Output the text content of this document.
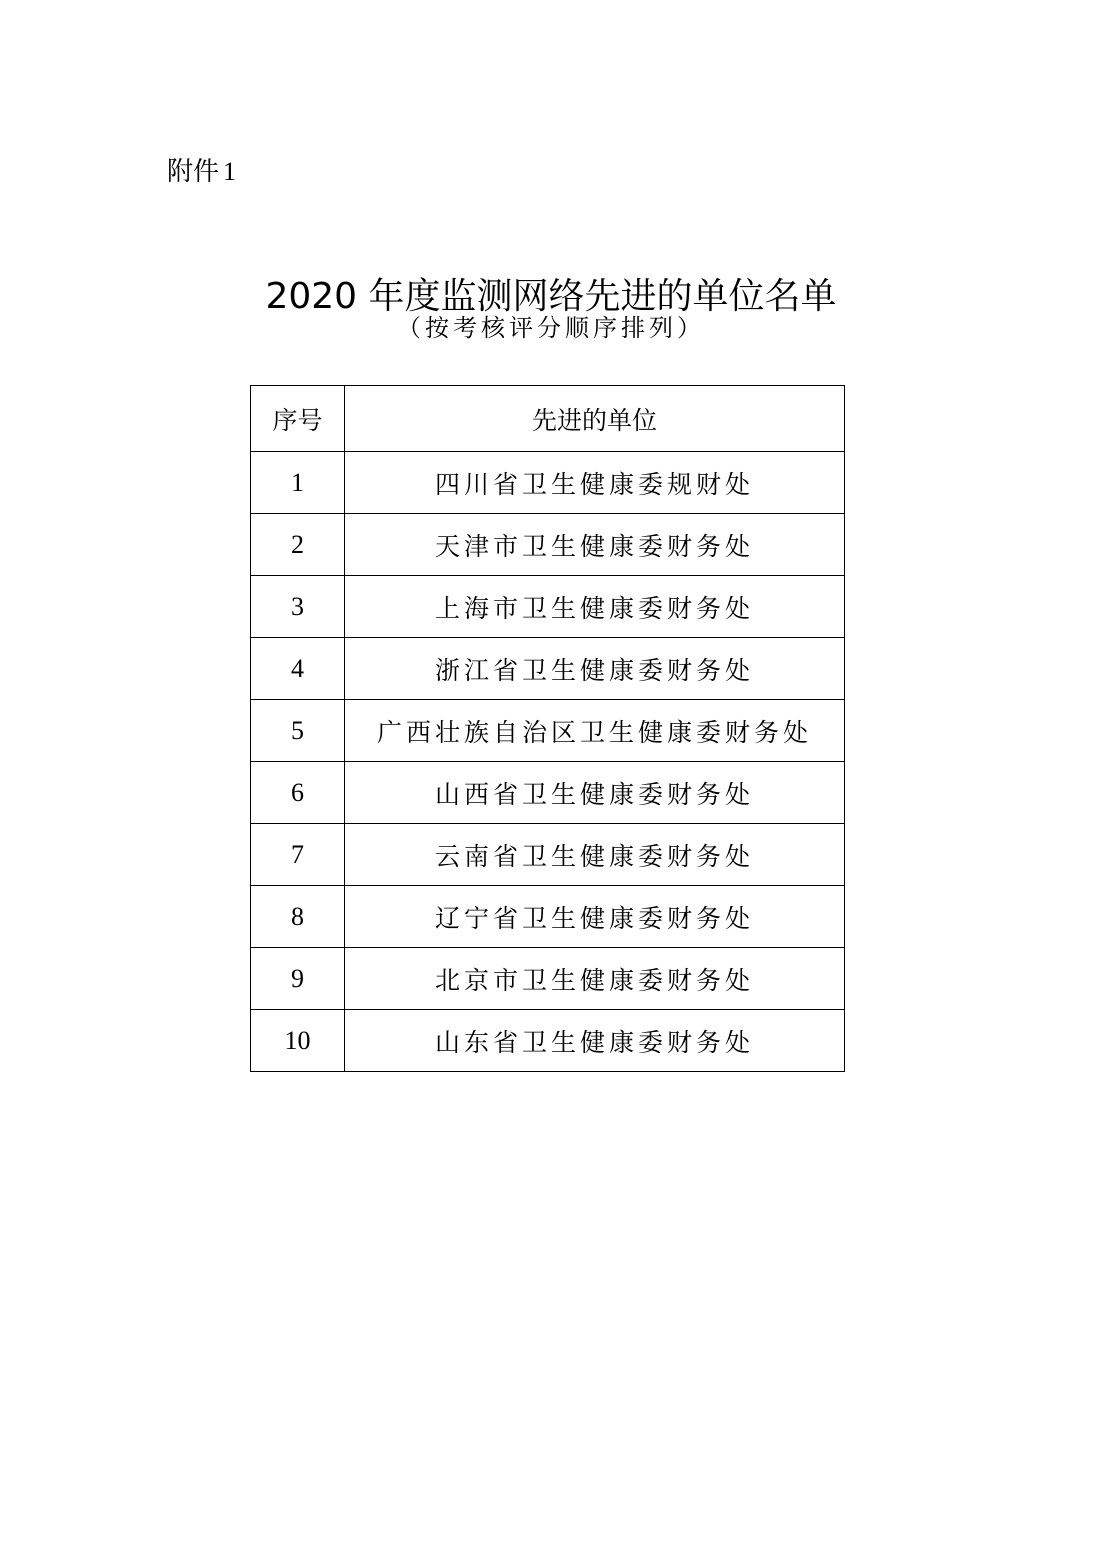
附件 1
2020 年度监测网络先进的单位名单
（按考核评分顺序排列）
序号	先进的单位
1	四川省卫生健康委规财处
2	天津市卫生健康委财务处
3	上海市卫生健康委财务处
4	浙江省卫生健康委财务处
5	广西壮族自治区卫生健康委财务处
6	山西省卫生健康委财务处
7	云南省卫生健康委财务处
8	辽宁省卫生健康委财务处
9	北京市卫生健康委财务处
10	山东省卫生健康委财务处
